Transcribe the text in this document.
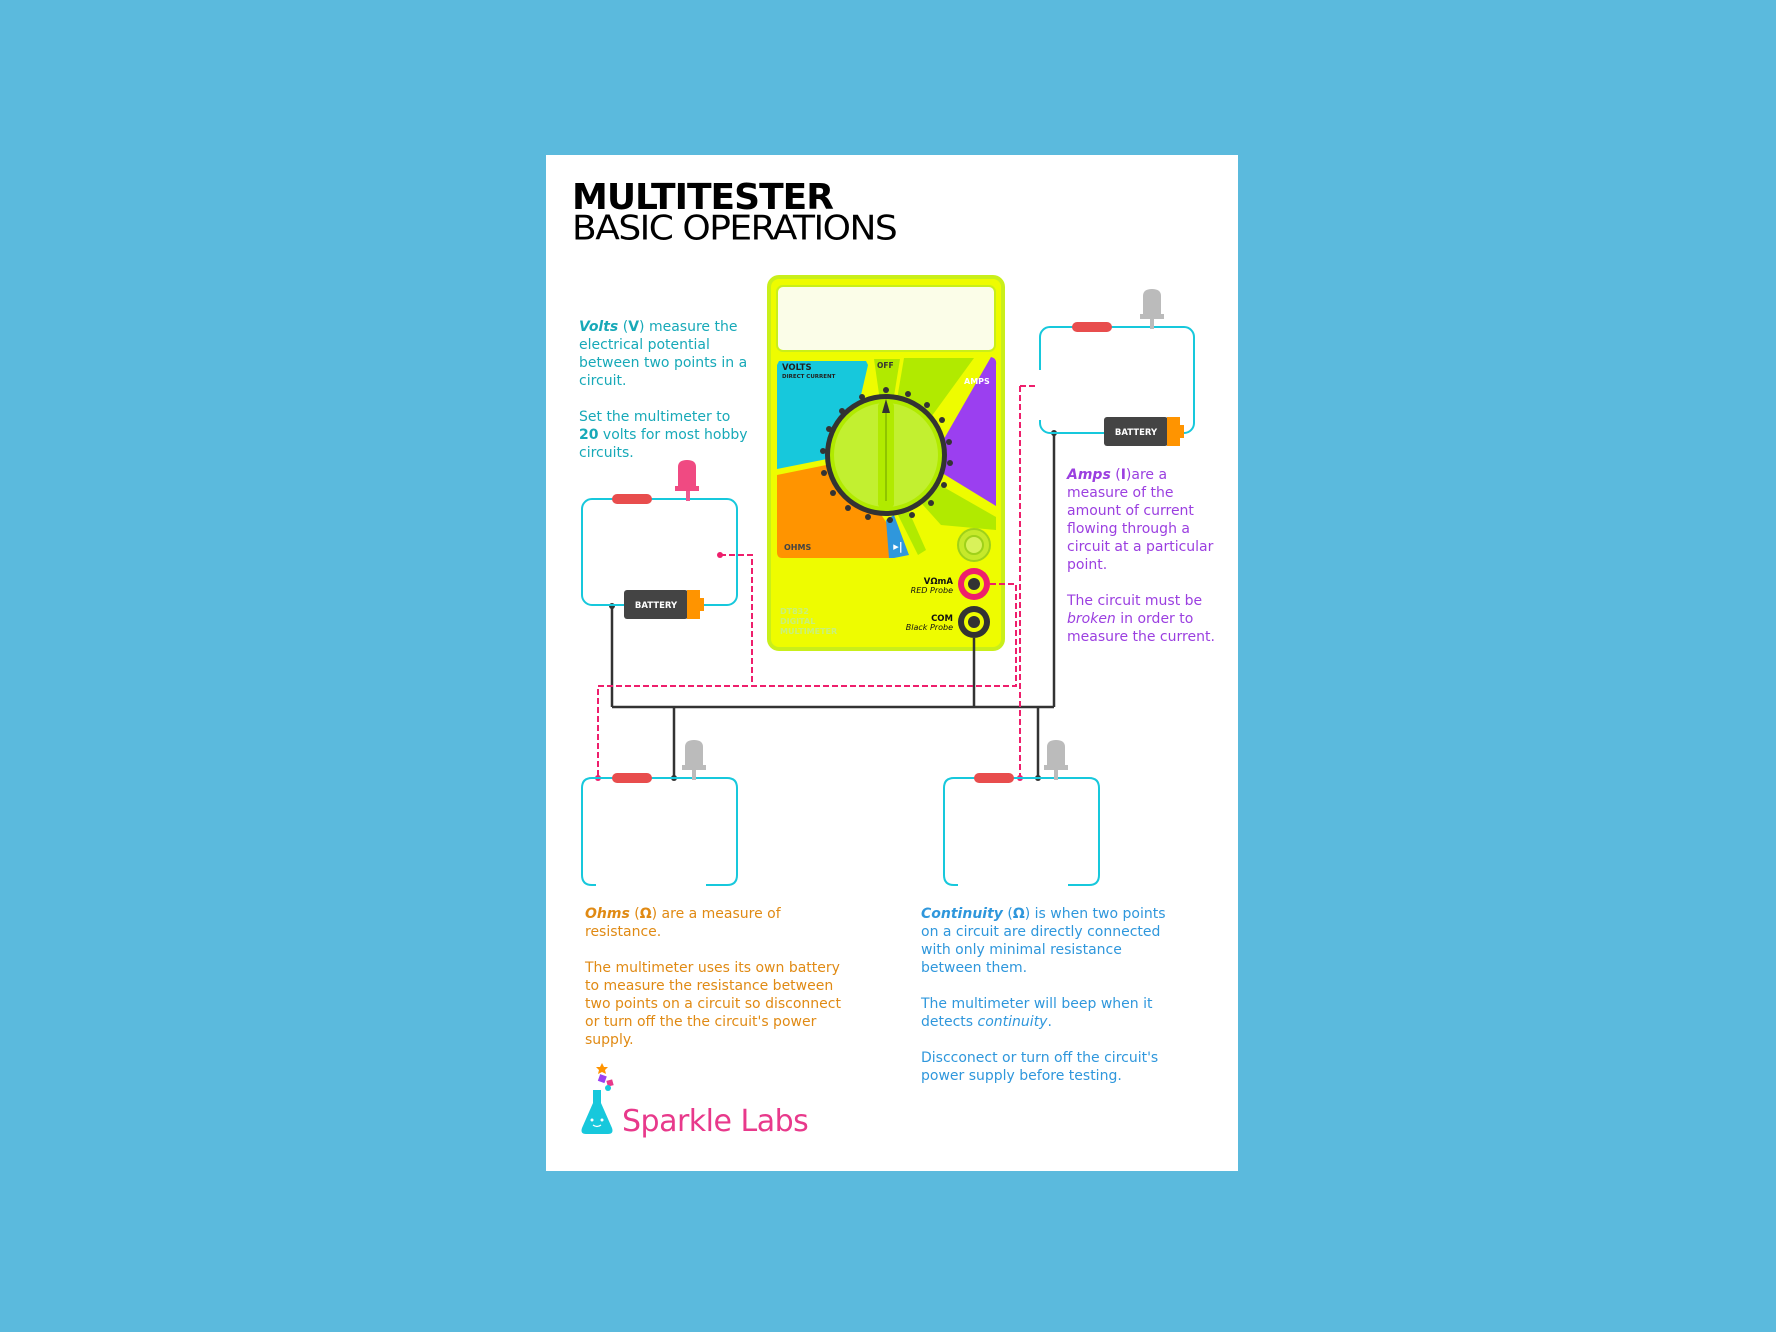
▸|
VOLTS
DIRECT CURRENT
OFF
AMPS
OHMS
VΩmA
RED Probe
COM
Black Probe
DT832
DIGITAL
MULTIMETER
BATTERY
BATTERY
MULTITESTER
BASIC OPERATIONS

Volts (V) measure the electrical potential between two points in a circuit.

Set the multimeter to 20 volts for most hobby circuits.

Amps (I)are a measure of the amount of current flowing through a circuit at a particular point.

The circuit must be broken in order to measure the current.

Ohms (Ω) are a measure of resistance.

The multimeter uses its own battery to measure the resistance between two points on a circuit so disconnect or turn off the the circuit's power supply.

Continuity (Ω) is when two points on a circuit are directly connected with only minimal resistance between them.

The multimeter will beep when it detects continuity.

Discconect or turn off the circuit's power supply before testing.

Sparkle Labs
